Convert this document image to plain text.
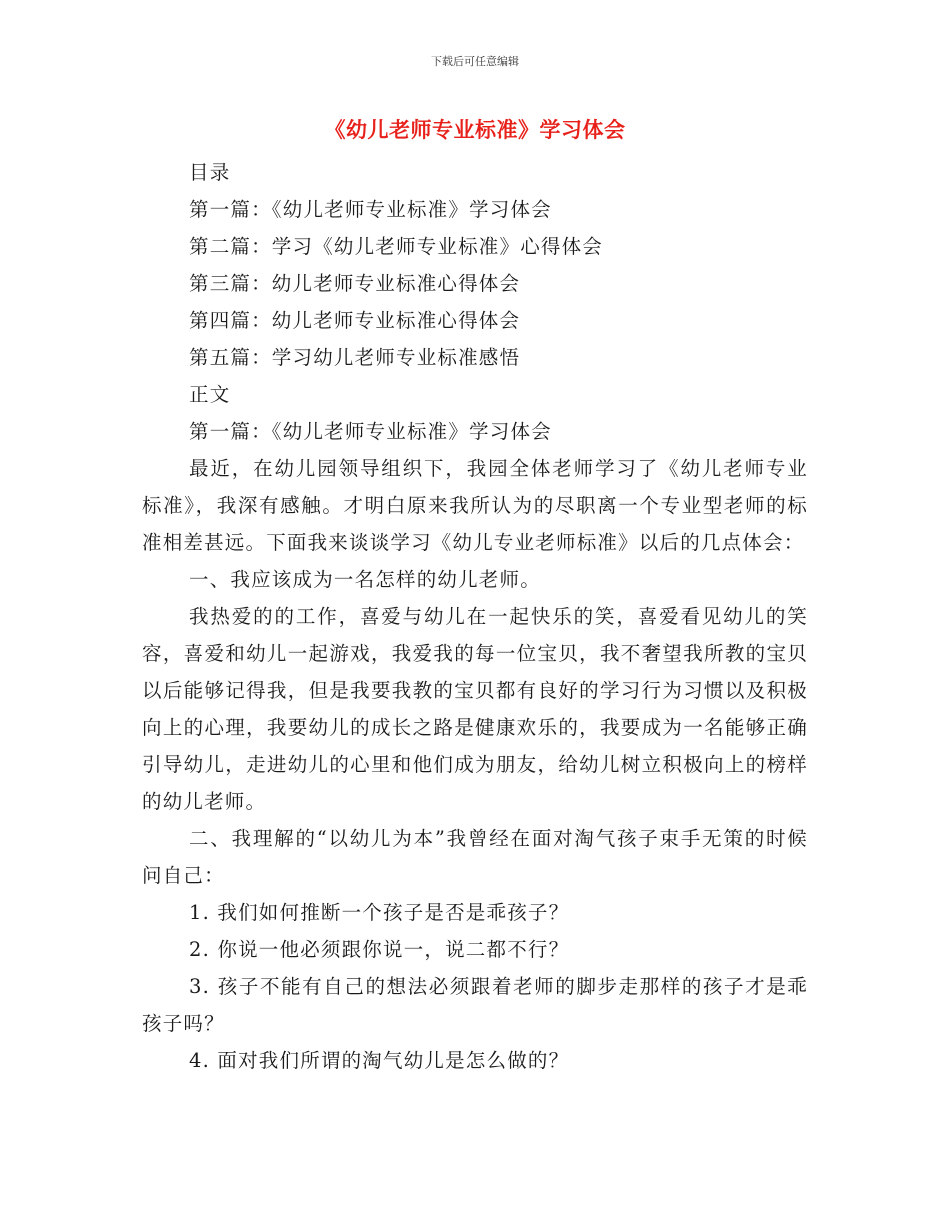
下载后可任意编辑
《幼儿老师专业标准》学习体会

目录

第一篇：《幼儿老师专业标准》学习体会

第二篇：学习《幼儿老师专业标准》心得体会

第三篇：幼儿老师专业标准心得体会

第四篇：幼儿老师专业标准心得体会

第五篇：学习幼儿老师专业标准感悟

正文

第一篇：《幼儿老师专业标准》学习体会

最近，在幼儿园领导组织下，我园全体老师学习了《幼儿老师专业标准》，我深有感触。才明白原来我所认为的尽职离一个专业型老师的标准相差甚远。下面我来谈谈学习《幼儿专业老师标准》以后的几点体会：

一、我应该成为一名怎样的幼儿老师。

我热爱的的工作，喜爱与幼儿在一起快乐的笑，喜爱看见幼儿的笑容，喜爱和幼儿一起游戏，我爱我的每一位宝贝，我不奢望我所教的宝贝以后能够记得我，但是我要我教的宝贝都有良好的学习行为习惯以及积极向上的心理，我要幼儿的成长之路是健康欢乐的，我要成为一名能够正确引导幼儿，走进幼儿的心里和他们成为朋友，给幼儿树立积极向上的榜样的幼儿老师。

二、我理解的“以幼儿为本”我曾经在面对淘气孩子束手无策的时候问自己：

1. 我们如何推断一个孩子是否是乖孩子？

2. 你说一他必须跟你说一，说二都不行？

3. 孩子不能有自己的想法必须跟着老师的脚步走那样的孩子才是乖孩子吗？

4. 面对我们所谓的淘气幼儿是怎么做的？
